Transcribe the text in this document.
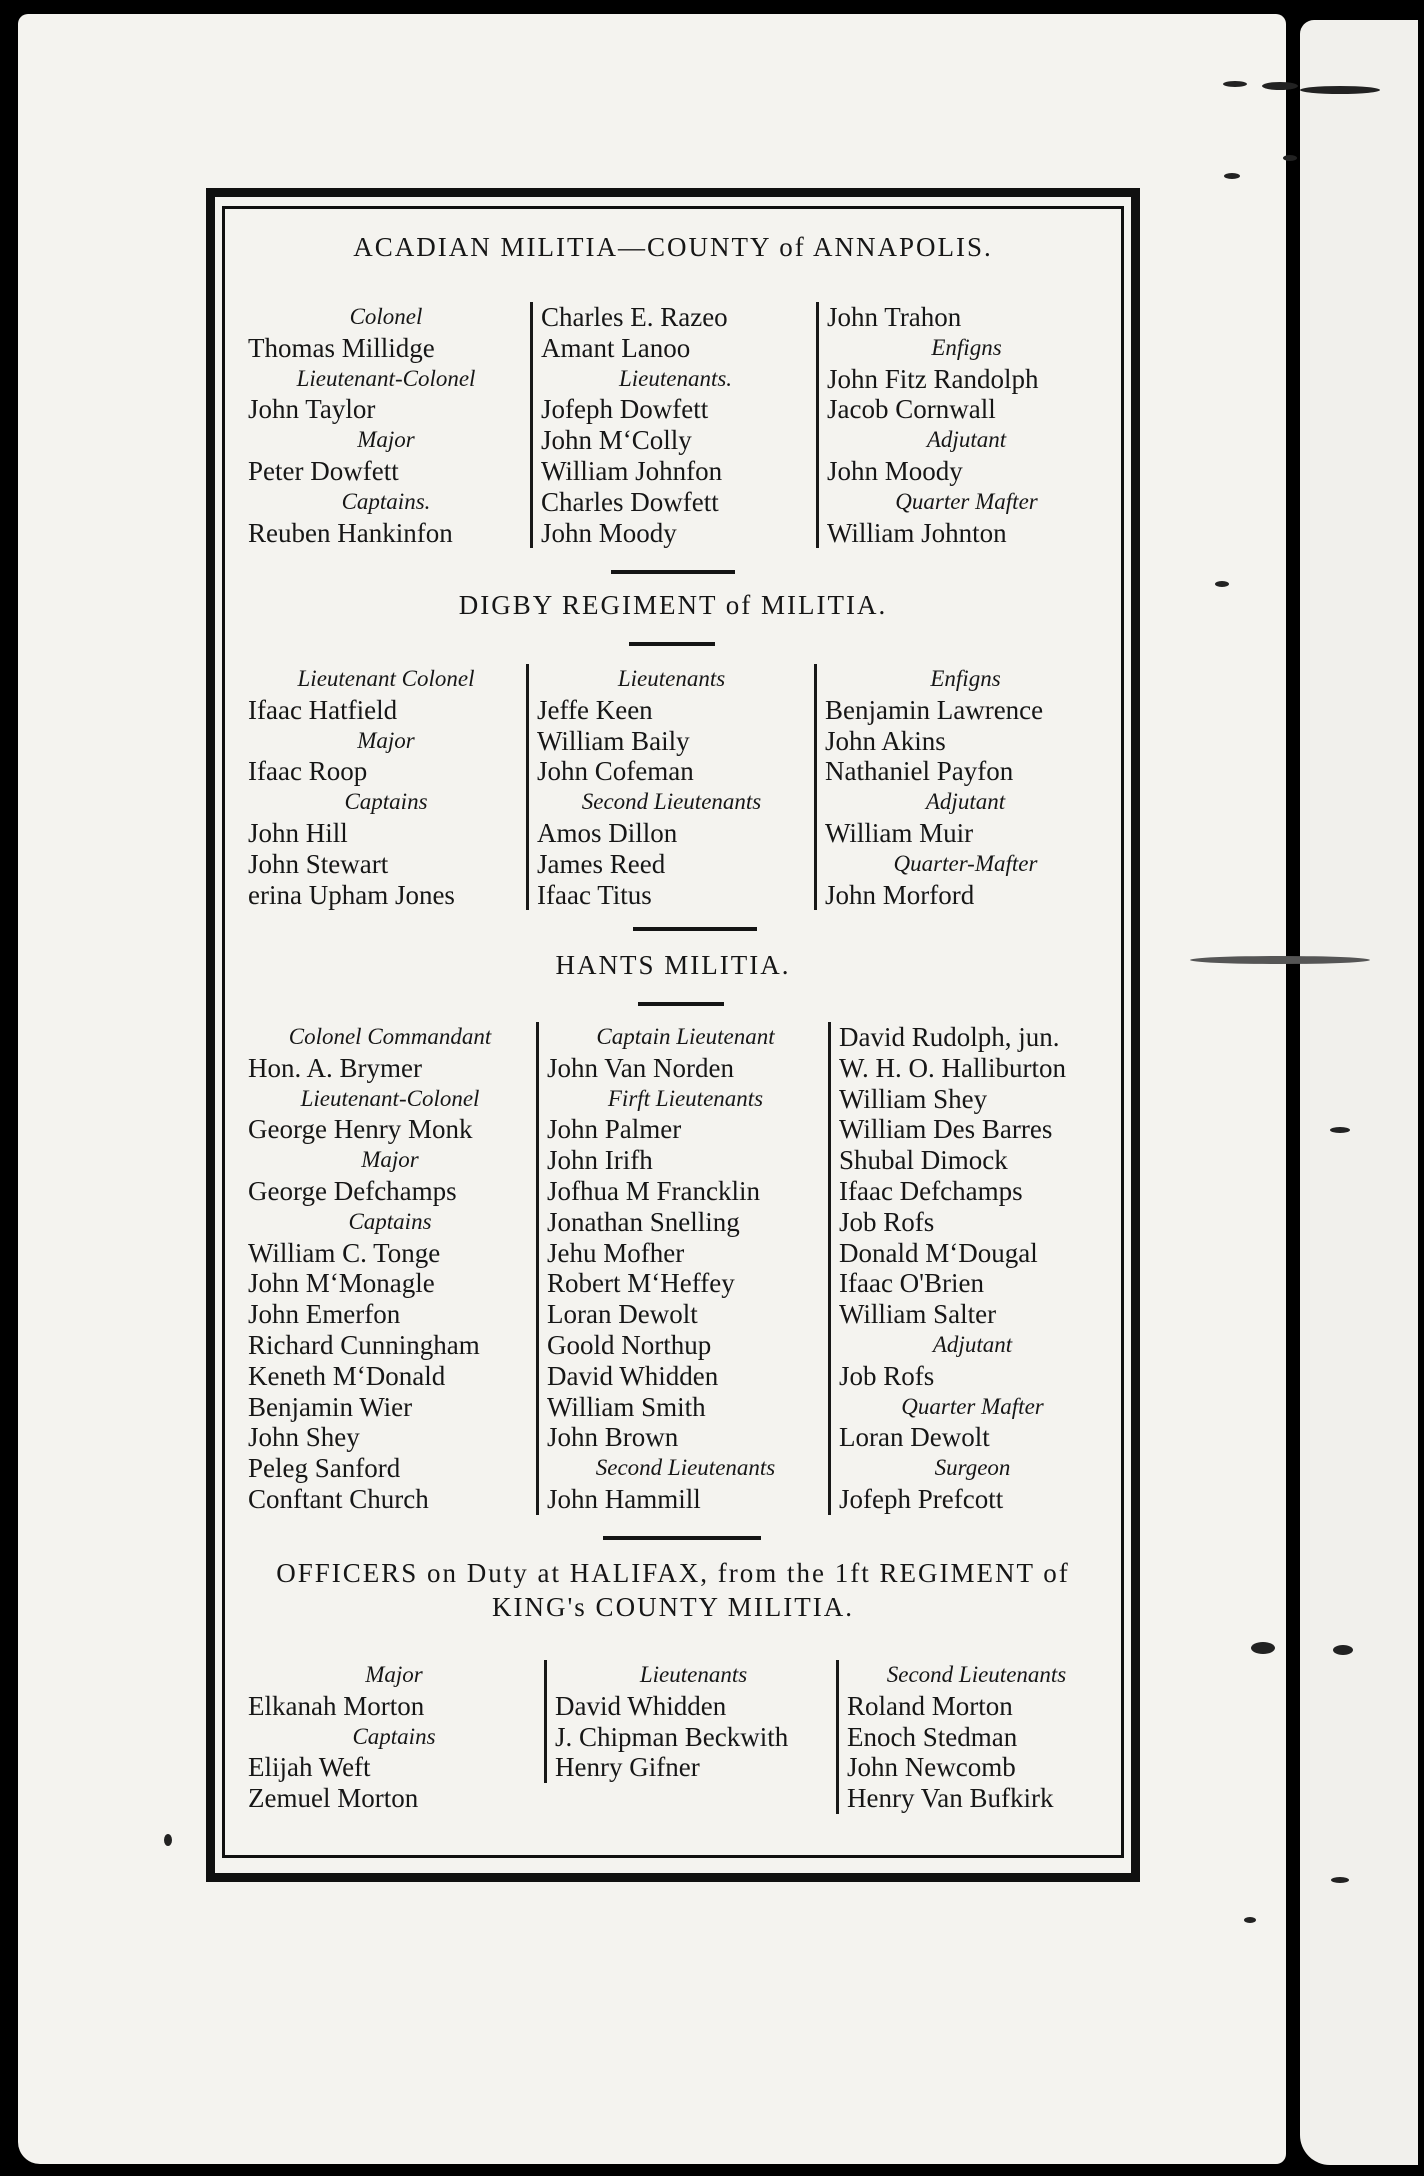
ACADIAN MILITIA—COUNTY of ANNAPOLIS.

Colonel
Thomas Millidge
Lieutenant-Colonel
John Taylor
Major
Peter Dowfett
Captains.
Reuben Hankinfon
Charles E. Razeo
Amant Lanoo
Lieutenants.
Jofeph Dowfett
John M‘Colly
William Johnfon
Charles Dowfett
John Moody
John Trahon
Enfigns
John Fitz Randolph
Jacob Cornwall
Adjutant
John Moody
Quarter Mafter
William Johnton

DIGBY REGIMENT of MILITIA.

Lieutenant Colonel
Ifaac Hatfield
Major
Ifaac Roop
Captains
John Hill
John Stewart
erina Upham Jones
Lieutenants
Jeffe Keen
William Baily
John Cofeman
Second Lieutenants
Amos Dillon
James Reed
Ifaac Titus
Enfigns
Benjamin Lawrence
John Akins
Nathaniel Payfon
Adjutant
William Muir
Quarter-Mafter
John Morford

HANTS MILITIA.

Colonel Commandant
Hon. A. Brymer
Lieutenant-Colonel
George Henry Monk
Major
George Defchamps
Captains
William C. Tonge
John M‘Monagle
John Emerfon
Richard Cunningham
Keneth M‘Donald
Benjamin Wier
John Shey
Peleg Sanford
Conftant Church
Captain Lieutenant
John Van Norden
Firft Lieutenants
John Palmer
John Irifh
Jofhua M Francklin
Jonathan Snelling
Jehu Mofher
Robert M‘Heffey
Loran Dewolt
Goold Northup
David Whidden
William Smith
John Brown
Second Lieutenants
John Hammill
David Rudolph, jun.
W. H. O. Halliburton
William Shey
William Des Barres
Shubal Dimock
Ifaac Defchamps
Job Rofs
Donald M‘Dougal
Ifaac O'Brien
William Salter
Adjutant
Job Rofs
Quarter Mafter
Loran Dewolt
Surgeon
Jofeph Prefcott

OFFICERS on Duty at HALIFAX, from the 1ft REGIMENT of

KING's COUNTY MILITIA.

Major
Elkanah Morton
Captains
Elijah Weft
Zemuel Morton
Lieutenants
David Whidden
J. Chipman Beckwith
Henry Gifner
Second Lieutenants
Roland Morton
Enoch Stedman
John Newcomb
Henry Van Bufkirk
